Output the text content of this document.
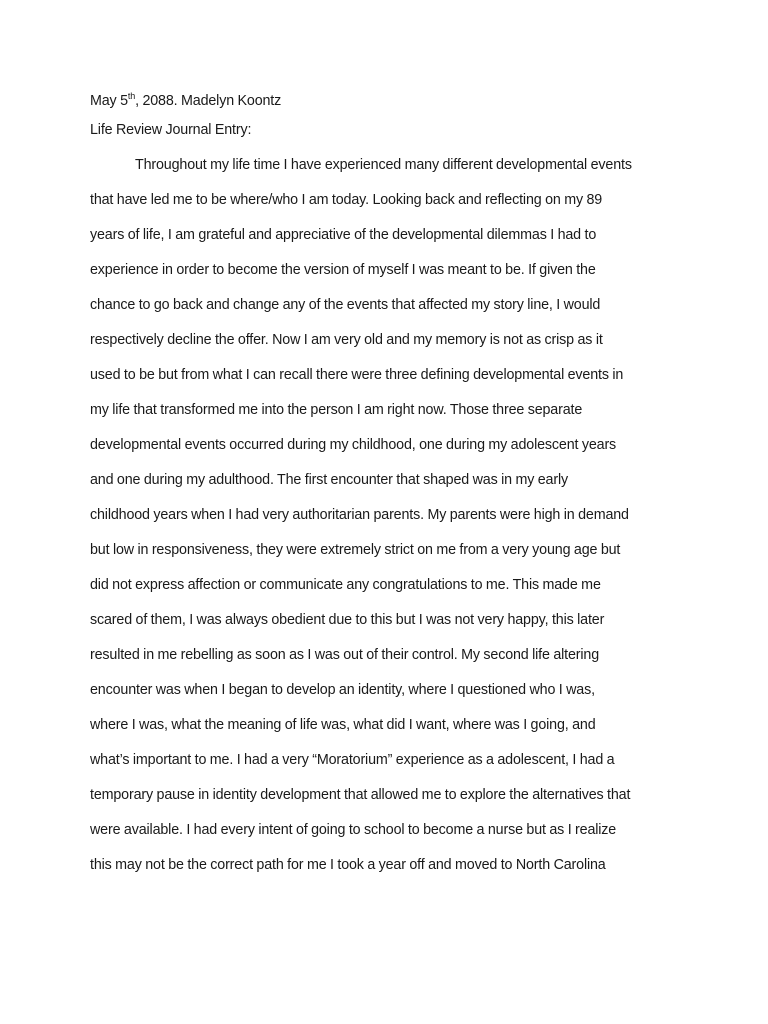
May 5th, 2088. Madelyn Koontz
Life Review Journal Entry:
Throughout my life time I have experienced many different developmental events
that have led me to be where/who I am today. Looking back and reflecting on my 89
years of life, I am grateful and appreciative of the developmental dilemmas I had to
experience in order to become the version of myself I was meant to be. If given the
chance to go back and change any of the events that affected my story line, I would
respectively decline the offer. Now I am very old and my memory is not as crisp as it
used to be but from what I can recall there were three defining developmental events in
my life that transformed me into the person I am right now. Those three separate
developmental events occurred during my childhood, one during my adolescent years
and one during my adulthood. The first encounter that shaped was in my early
childhood years when I had very authoritarian parents. My parents were high in demand
but low in responsiveness, they were extremely strict on me from a very young age but
did not express affection or communicate any congratulations to me. This made me
scared of them, I was always obedient due to this but I was not very happy, this later
resulted in me rebelling as soon as I was out of their control. My second life altering
encounter was when I began to develop an identity, where I questioned who I was,
where I was, what the meaning of life was, what did I want, where was I going, and
what’s important to me. I had a very “Moratorium” experience as a adolescent, I had a
temporary pause in identity development that allowed me to explore the alternatives that
were available. I had every intent of going to school to become a nurse but as I realize
this may not be the correct path for me I took a year off and moved to North Carolina
